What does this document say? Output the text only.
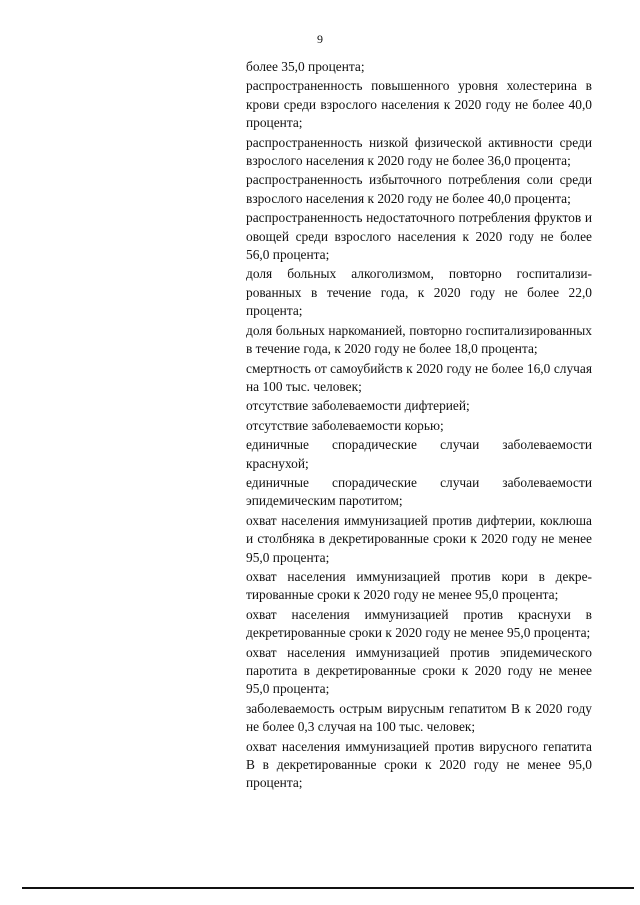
9

более 35,0 процента;

распространенность повышенного уровня холестерина в крови среди взрослого населения к 2020 году не более 40,0 процента;

распространенность низкой физической активности среди взрослого населения к 2020 году не более 36,0 процента;

распространенность избыточного потребления соли среди взрослого населения к 2020 году не более 40,0 процента;

распространенность недостаточного потребления фруктов и овощей среди взрослого населения к 2020 году не более 56,0 процента;

доля больных алкоголизмом, повторно госпитализированных в течение года, к 2020 году не более 22,0 процента;

доля больных наркоманией, повторно госпитализированных в течение года, к 2020 году не более 18,0 процента;

смертность от самоубийств к 2020 году не более 16,0 случая на 100 тыс. человек;

отсутствие заболеваемости дифтерией;

отсутствие заболеваемости корью;

единичные спорадические случаи заболеваемости краснухой;

единичные спорадические случаи заболеваемости эпидемическим паротитом;

охват населения иммунизацией против дифтерии, коклюша и столбняка в декретированные сроки к 2020 году не менее 95,0 процента;

охват населения иммунизацией против кори в декретированные сроки к 2020 году не менее 95,0 процента;

охват населения иммунизацией против краснухи в декретированные сроки к 2020 году не менее 95,0 процента;

охват населения иммунизацией против эпидемического паротита в декретированные сроки к 2020 году не менее 95,0 процента;

заболеваемость острым вирусным гепатитом В к 2020 году не более 0,3 случая на 100 тыс. человек;

охват населения иммунизацией против вирусного гепатита В в декретированные сроки к 2020 году не менее 95,0 процента;
